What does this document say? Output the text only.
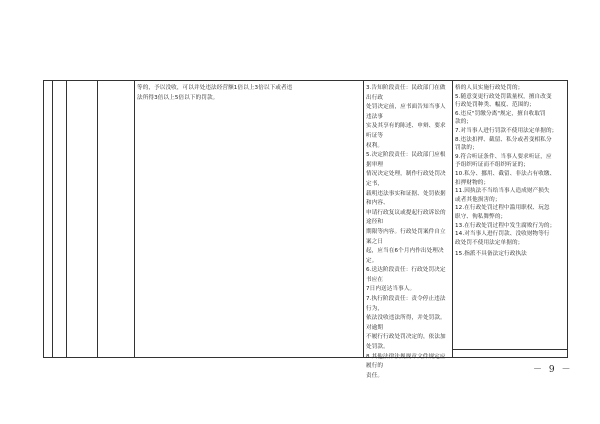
等的，予以没收，可以并处违法经营额1倍以上3倍以下或者违

法所得3倍以上5倍以下的罚款。

3.告知阶段责任：民政部门在做出行政

处罚决定前，应书面告知当事人违法事

实及其享有的陈述、申辩、要求听证等

权利。

5.决定阶段责任：民政部门应根据审理

情况决定处理，制作行政处罚决定书，

载明违法事实和证据、处罚依据和内容、

申请行政复议或提起行政诉讼的途径和

期限等内容。行政处罚案件自立案之日

起，应当在6个月内作出处理决定。

6.送达阶段责任：行政处罚决定书应在

7日内送达当事人。

7.执行阶段责任：责令停止违法行为，

依法没收违法所得，并处罚款。对逾期

不履行行政处罚决定的，依法加处罚款。

8.其他法律法规规章文件规定应履行的

责任。

格的人员实施行政处罚的；

5.随意变更行政处罚裁量权，擅自改变

行政处罚种类、幅度、范围的；

6.违反"罚缴分离"规定，擅自收取罚

款的；

7.对当事人进行罚款不使用法定单据的；

8.违法扣押、截留、私分或者变相私分

罚款的；

9.符合听证条件、当事人要求听证，应

予组织听证而不组织听证的；

10.私分、挪用、截留、非法占有收缴、

扣押财物的；

11.因执法不当给当事人造成财产损失

或者其他损害的；

12.在行政处罚过程中滥用职权、玩忽

职守、徇私舞弊的；

13.在行政处罚过程中发生腐败行为的；

14.对当事人进行罚款、没收财物等行

政处罚不使用法定单据的；

15.指派不具备法定行政执法

－ 9 －
